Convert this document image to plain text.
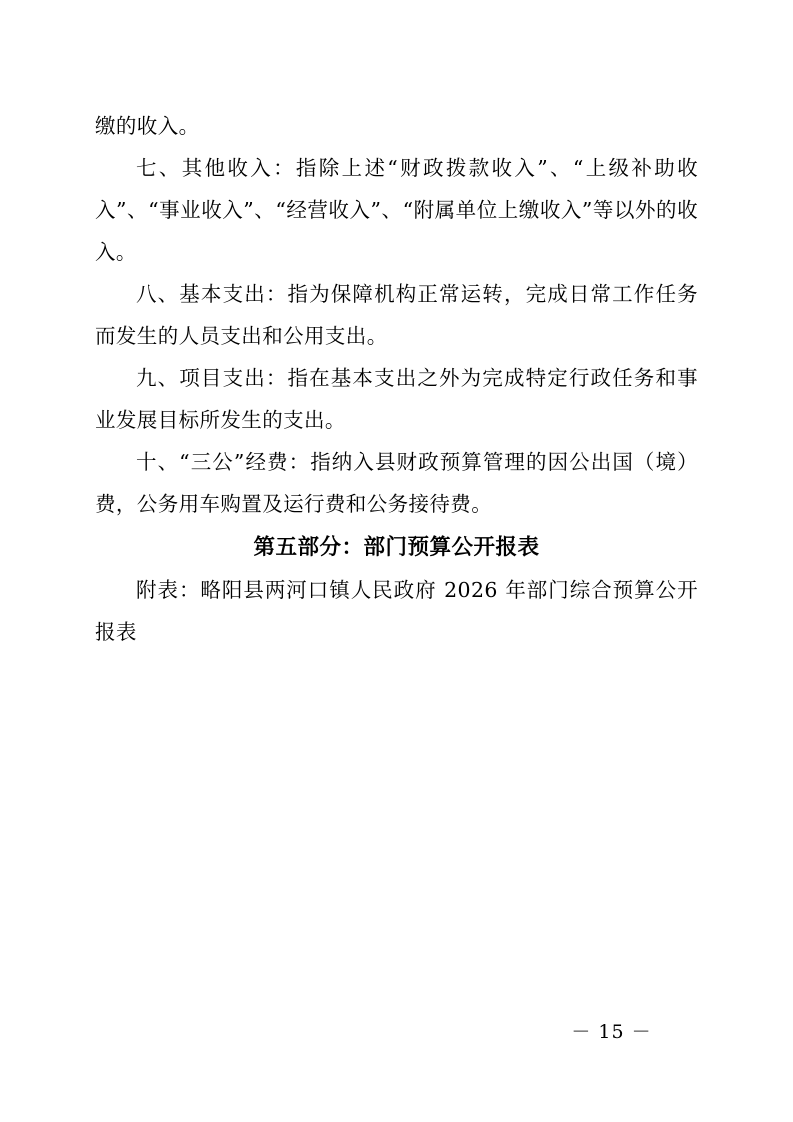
缴的收入。

七、其他收入：指除上述“财政拨款收入”、“上级补助收入”、“事业收入”、“经营收入”、“附属单位上缴收入”等以外的收入。

八、基本支出：指为保障机构正常运转，完成日常工作任务而发生的人员支出和公用支出。

九、项目支出：指在基本支出之外为完成特定行政任务和事业发展目标所发生的支出。

十、“三公”经费：指纳入县财政预算管理的因公出国（境）费，公务用车购置及运行费和公务接待费。

第五部分：部门预算公开报表

附表：略阳县两河口镇人民政府 2026 年部门综合预算公开报表

－ 15 －
